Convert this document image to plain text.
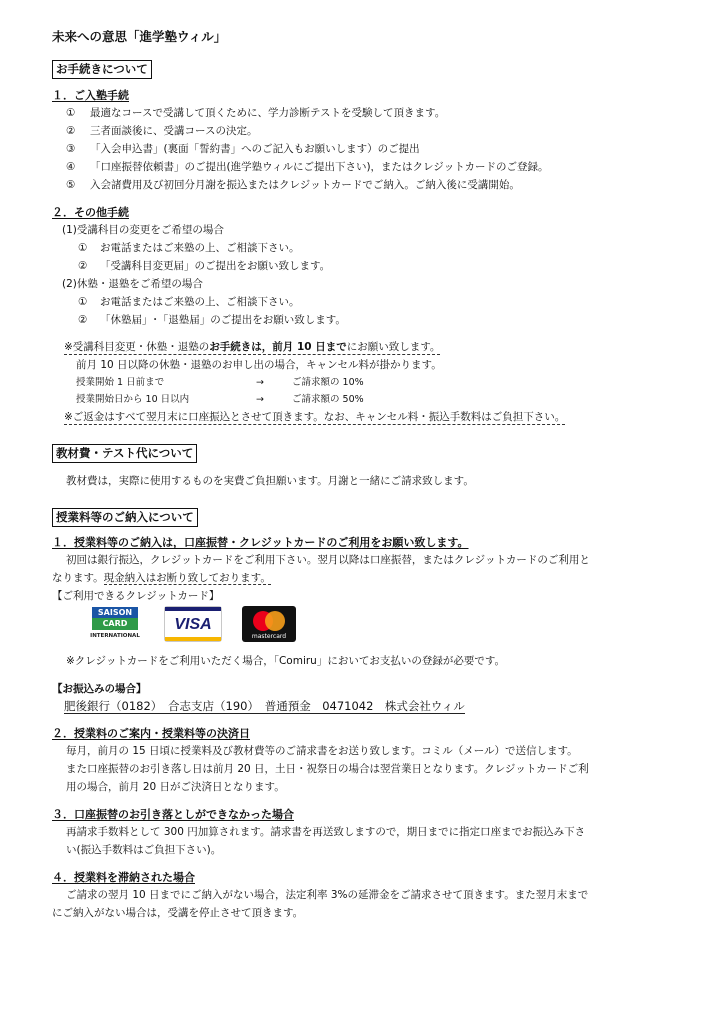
未来への意思「進学塾ウィル」
お手続きについて
１．ご入塾手続
① 最適なコースで受講して頂くために、学力診断テストを受験して頂きます。
② 三者面談後に、受講コースの決定。
③ 「入会申込書」(裏面「誓約書」へのご記入もお願いします）のご提出
④ 「口座振替依頼書」のご提出(進学塾ウィルにご提出下さい)，またはクレジットカードのご登録。
⑤ 入会諸費用及び初回分月謝を振込またはクレジットカードでご納入。ご納入後に受講開始。
２．その他手続
(1)受講科目の変更をご希望の場合
① お電話またはご来塾の上、ご相談下さい。
② 「受講科目変更届」のご提出をお願い致します。
(2)休塾・退塾をご希望の場合
① お電話またはご来塾の上、ご相談下さい。
② 「休塾届」･「退塾届」のご提出をお願い致します。
※受講科目変更・休塾・退塾のお手続きは，前月 10 日までにお願い致します。
前月 10 日以降の休塾・退塾のお申し出の場合，キャンセル料が掛かります。
授業開始 1 日前まで	→	ご請求額の 10%
授業開始日から 10 日以内	→	ご請求額の 50%
※ご返金はすべて翌月末に口座振込とさせて頂きます。なお、キャンセル料・振込手数料はご負担下さい。
教材費・テスト代について
教材費は，実際に使用するものを実費ご負担願います。月謝と一緒にご請求致します。
授業料等のご納入について
１．授業料等のご納入は，口座振替・クレジットカードのご利用をお願い致します。
初回は銀行振込，クレジットカードをご利用下さい。翌月以降は口座振替，またはクレジットカードのご利用と
なります。現金納入はお断り致しております。
【ご利用できるクレジットカード】
SAISON
CARD
INTERNATIONAL
VISA
mastercard
※クレジットカードをご利用いただく場合，「Comiru」においてお支払いの登録が必要です。
【お振込みの場合】
肥後銀行（0182）　合志支店（190）　普通預金　0471042　株式会社ウィル
２．授業料のご案内・授業料等の決済日
毎月，前月の 15 日頃に授業料及び教材費等のご請求書をお送り致します。コミル（メール）で送信します。
また口座振替のお引き落し日は前月 20 日，土日・祝祭日の場合は翌営業日となります。クレジットカードご利
用の場合，前月 20 日がご決済日となります。
３．口座振替のお引き落としができなかった場合
再請求手数料として 300 円加算されます。請求書を再送致しますので，期日までに指定口座までお振込み下さ
い(振込手数料はご負担下さい)。
４．授業料を滞納された場合
ご請求の翌月 10 日までにご納入がない場合，法定利率 3%の延滞金をご請求させて頂きます。また翌月末まで
にご納入がない場合は，受講を停止させて頂きます。
